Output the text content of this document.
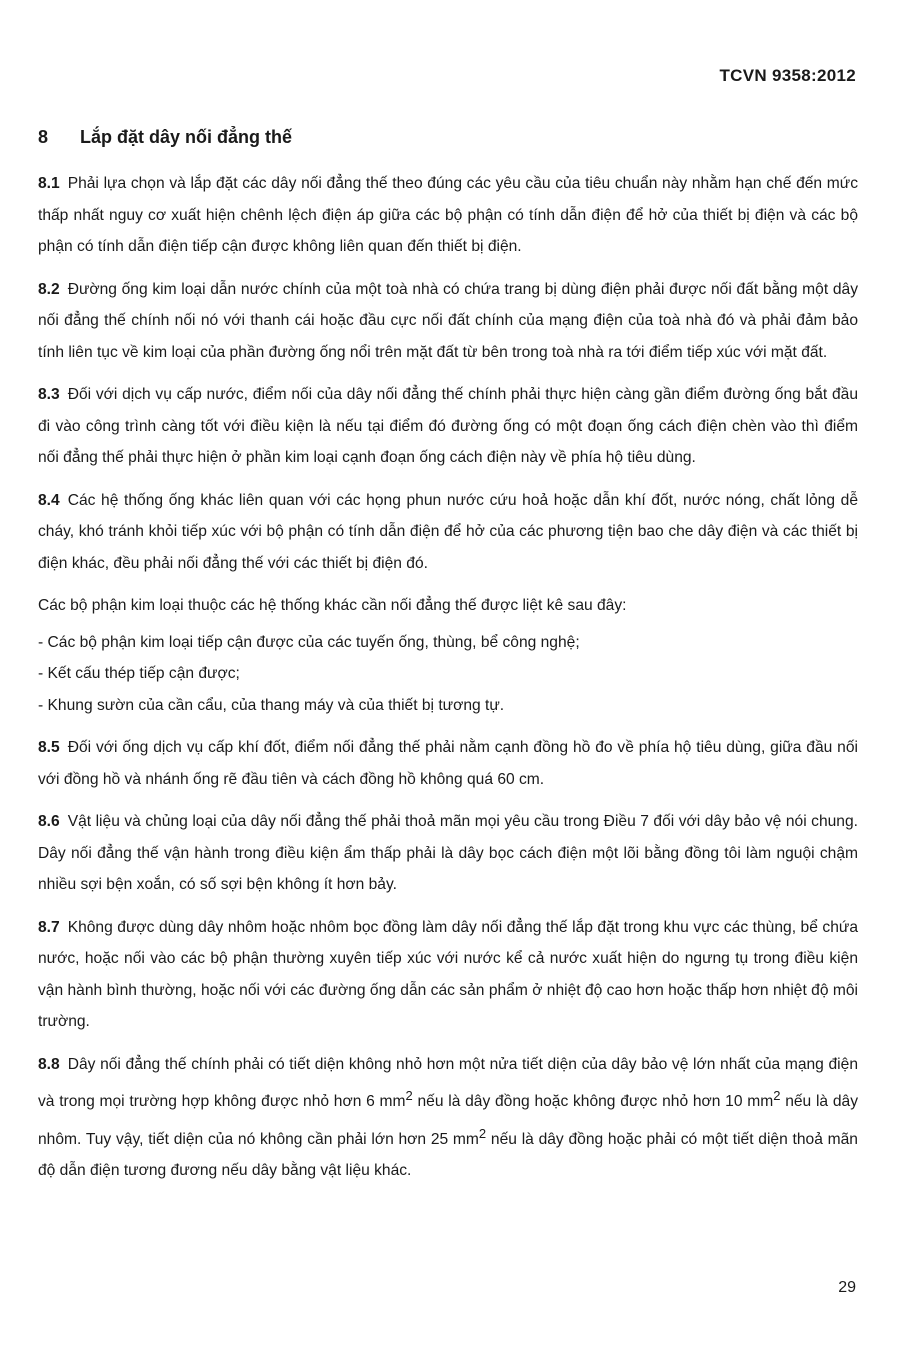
TCVN 9358:2012
8 Lắp đặt dây nối đẳng thế

8.1 Phải lựa chọn và lắp đặt các dây nối đẳng thế theo đúng các yêu cầu của tiêu chuẩn này nhằm hạn chế đến mức thấp nhất nguy cơ xuất hiện chênh lệch điện áp giữa các bộ phận có tính dẫn điện để hở của thiết bị điện và các bộ phận có tính dẫn điện tiếp cận được không liên quan đến thiết bị điện.

8.2 Đường ống kim loại dẫn nước chính của một toà nhà có chứa trang bị dùng điện phải được nối đất bằng một dây nối đẳng thế chính nối nó với thanh cái hoặc đầu cực nối đất chính của mạng điện của toà nhà đó và phải đảm bảo tính liên tục về kim loại của phần đường ống nổi trên mặt đất từ bên trong toà nhà ra tới điểm tiếp xúc với mặt đất.

8.3 Đối với dịch vụ cấp nước, điểm nối của dây nối đẳng thế chính phải thực hiện càng gần điểm đường ống bắt đầu đi vào công trình càng tốt với điều kiện là nếu tại điểm đó đường ống có một đoạn ống cách điện chèn vào thì điểm nối đẳng thế phải thực hiện ở phần kim loại cạnh đoạn ống cách điện này về phía hộ tiêu dùng.

8.4 Các hệ thống ống khác liên quan với các họng phun nước cứu hoả hoặc dẫn khí đốt, nước nóng, chất lỏng dễ cháy, khó tránh khỏi tiếp xúc với bộ phận có tính dẫn điện để hở của các phương tiện bao che dây điện và các thiết bị điện khác, đều phải nối đẳng thế với các thiết bị điện đó.

Các bộ phận kim loại thuộc các hệ thống khác cần nối đẳng thế được liệt kê sau đây:

- Các bộ phận kim loại tiếp cận được của các tuyến ống, thùng, bể công nghệ;

- Kết cấu thép tiếp cận được;

- Khung sườn của cần cẩu, của thang máy và của thiết bị tương tự.

8.5 Đối với ống dịch vụ cấp khí đốt, điểm nối đẳng thế phải nằm cạnh đồng hồ đo về phía hộ tiêu dùng, giữa đầu nối với đồng hồ và nhánh ống rẽ đầu tiên và cách đồng hồ không quá 60 cm.

8.6 Vật liệu và chủng loại của dây nối đẳng thế phải thoả mãn mọi yêu cầu trong Điều 7 đối với dây bảo vệ nói chung. Dây nối đẳng thế vận hành trong điều kiện ẩm thấp phải là dây bọc cách điện một lõi bằng đồng tôi làm nguội chậm nhiều sợi bện xoắn, có số sợi bện không ít hơn bảy.

8.7 Không được dùng dây nhôm hoặc nhôm bọc đồng làm dây nối đẳng thế lắp đặt trong khu vực các thùng, bể chứa nước, hoặc nối vào các bộ phận thường xuyên tiếp xúc với nước kể cả nước xuất hiện do ngưng tụ trong điều kiện vận hành bình thường, hoặc nối với các đường ống dẫn các sản phẩm ở nhiệt độ cao hơn hoặc thấp hơn nhiệt độ môi trường.

8.8 Dây nối đẳng thế chính phải có tiết diện không nhỏ hơn một nửa tiết diện của dây bảo vệ lớn nhất của mạng điện và trong mọi trường hợp không được nhỏ hơn 6 $mm^2$ nếu là dây đồng hoặc không được nhỏ hơn 10 $mm^2$ nếu là dây nhôm. Tuy vậy, tiết diện của nó không cần phải lớn hơn 25 $mm^2$ nếu là dây đồng hoặc phải có một tiết diện thoả mãn độ dẫn điện tương đương nếu dây bằng vật liệu khác.

29
